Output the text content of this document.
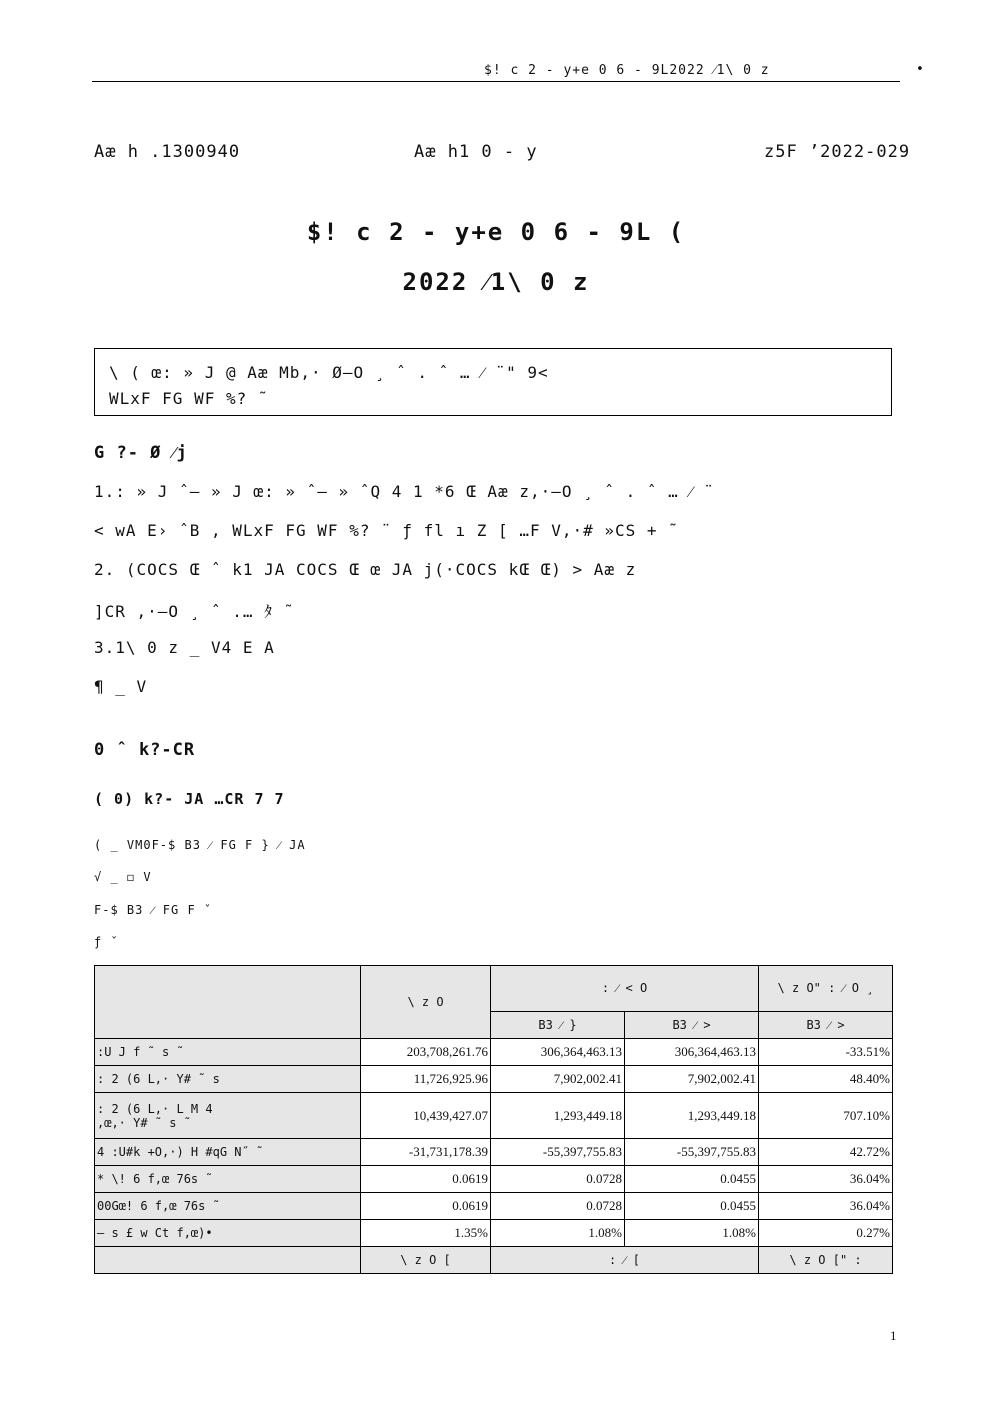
$! c 2 - y+e 0 6 - 9L2022 ⁄1\ 0 z	•
Aæ h .1300940	Aæ h1 0 - y	z5F ’2022-029
$! c 2 - y+e 0 6 - 9L (
2022 ⁄1\ 0 z
\ ( œ: » J @ Aæ Mb,· Ø–O ¸ ˆ . ˆ … ⁄ ¨" 9<
WLxF FG WF %? ˜
G ?- Ø ⁄j
1.: » J ˆ– » J œ: » ˆ– » ˆQ 4 1 *6 Œ Aæ z,·–O ¸ ˆ . ˆ … ⁄ ¨
< wA E› ˆB , WLxF FG WF %? ¨ ƒ fl ı Z [ …F V,·# »CS + ˜
2. (COCS Œ ˆ k1 JA COCS Œ œ JA j(·COCS kŒ Œ) > Aæ z
]CR ,·–O ¸ ˆ .… ﾀ ˜
3.1\ 0 z _ V4 E A
¶ _ V
0 ˆ k?-CR
( 0) k?- JA …CR 7 7
( _ VM0F-$ B3 ⁄ FG F } ⁄ JA
√ _ ◻ V
F-$ B3 ⁄ FG F ˇ
ƒ ˇ
	\ z O	: ⁄ < O		\ z O" : ⁄ O ¸
		B3 ⁄ }	B3 ⁄ >	B3 ⁄ >
:U J f ˜ s ˜	203,708,261.76	306,364,463.13	306,364,463.13	-33.51%
: 2 (6 L,· Y# ˜ s	11,726,925.96	7,902,002.41	7,902,002.41	48.40%

: 2 (6 L,· L M 4
,œ,· Y# ˜ s ˜	10,439,427.07	1,293,449.18	1,293,449.18	707.10%
4 :U#k +O,·) H #qG N˝ ˜	-31,731,178.39	-55,397,755.83	-55,397,755.83	42.72%
* \! 6 f,œ 76s ˜	0.0619	0.0728	0.0455	36.04%
00Gœ! 6 f,œ 76s ˜	0.0619	0.0728	0.0455	36.04%
– s £ w Ct f,œ)•	1.35%	1.08%	1.08%	0.27%
	\ z O [	: ⁄ [		\ z O [" :
1
